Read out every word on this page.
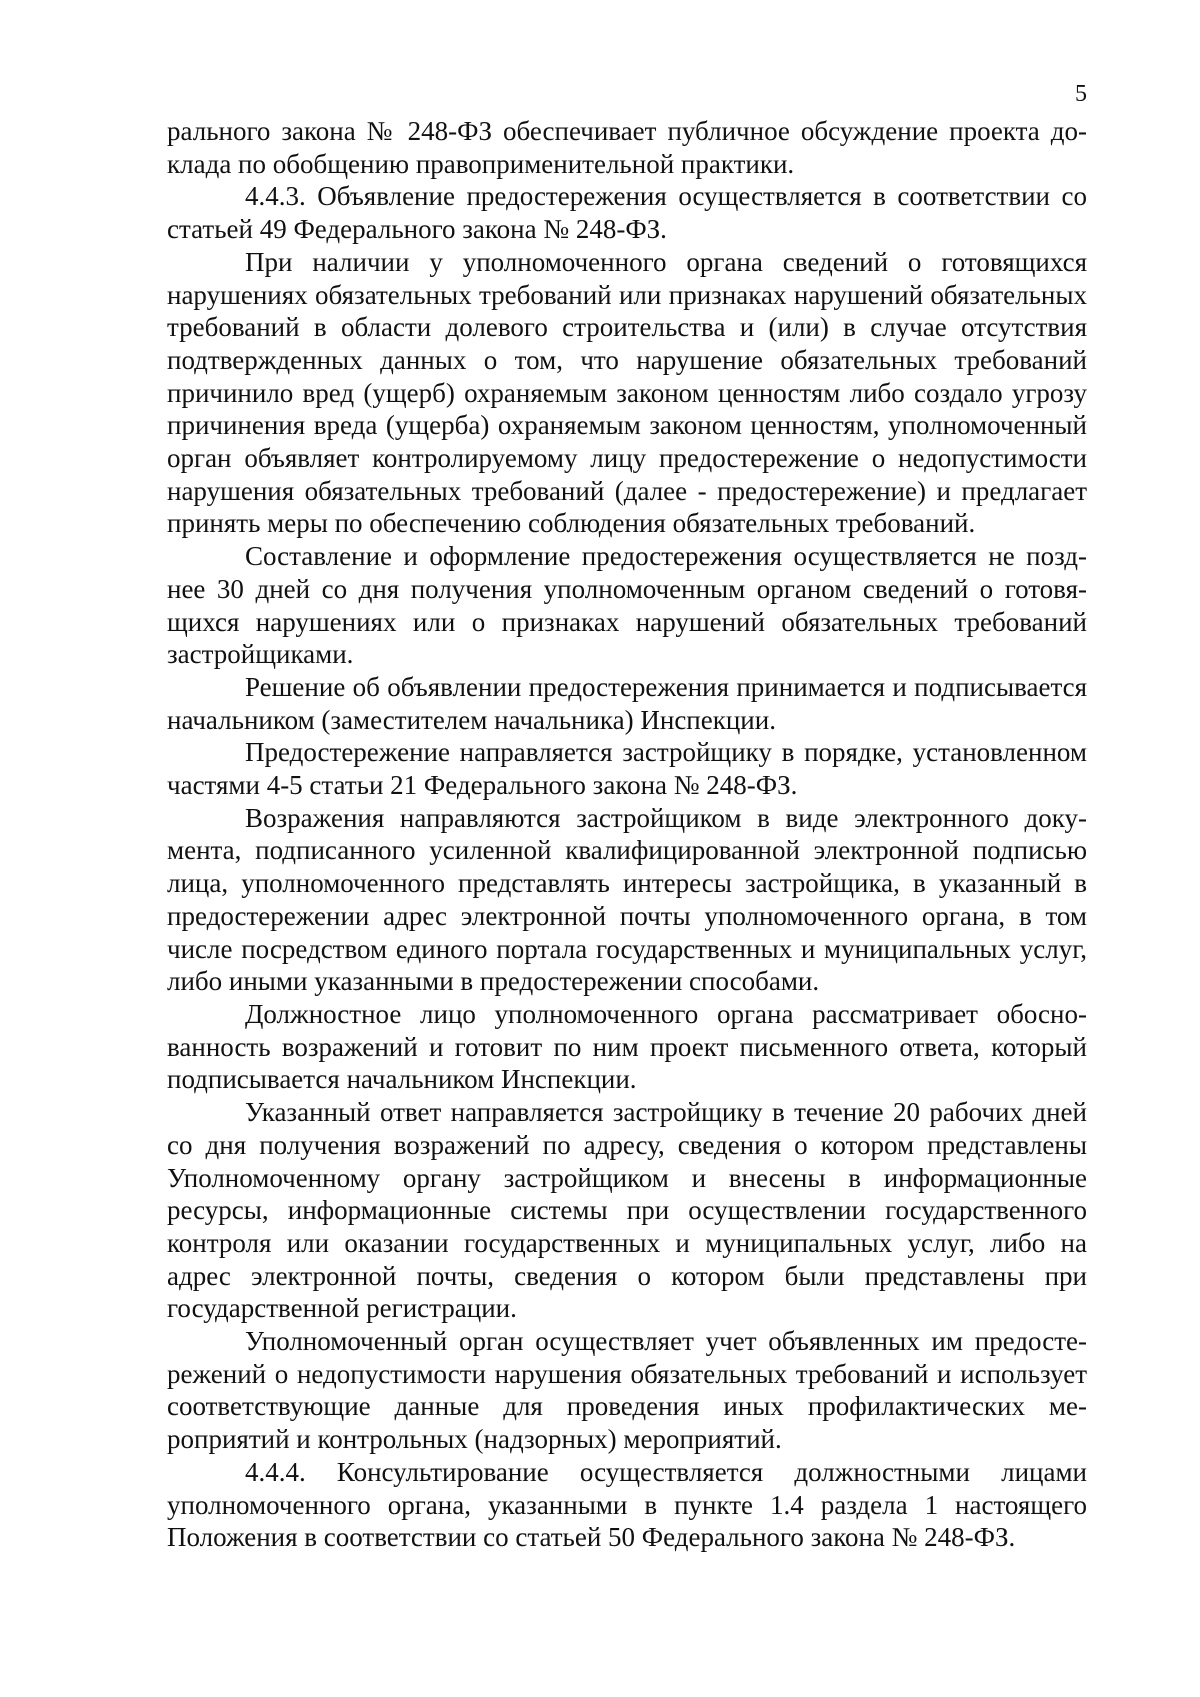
5

рального закона № 248-ФЗ обеспечивает публичное обсуждение проекта доклада по обобщению правоприменительной практики.

4.4.3. Объявление предостережения осуществляется в соответствии со статьей 49 Федерального закона № 248-ФЗ.

При наличии у уполномоченного органа сведений о готовящихся нарушениях обязательных требований или признаках нарушений обязательных требований в области долевого строительства и (или) в случае отсутствия подтвержденных данных о том, что нарушение обязательных требований причинило вред (ущерб) охраняемым законом ценностям либо создало угрозу причинения вреда (ущерба) охраняемым законом ценностям, уполномоченный орган объявляет контролируемому лицу предостережение о недопустимости нарушения обязательных требований (далее - предостережение) и предлагает принять меры по обеспечению соблюдения обязательных требований.

Составление и оформление предостережения осуществляется не позднее 30 дней со дня получения уполномоченным органом сведений о готовящихся нарушениях или о признаках нарушений обязательных требований застройщиками.

Решение об объявлении предостережения принимается и подписывается начальником (заместителем начальника) Инспекции.

Предостережение направляется застройщику в порядке, установленном частями 4-5 статьи 21 Федерального закона № 248-ФЗ.

Возражения направляются застройщиком в виде электронного документа, подписанного усиленной квалифицированной электронной подписью лица, уполномоченного представлять интересы застройщика, в указанный в предостережении адрес электронной почты уполномоченного органа, в том числе посредством единого портала государственных и муниципальных услуг, либо иными указанными в предостережении способами.

Должностное лицо уполномоченного органа рассматривает обоснованность возражений и готовит по ним проект письменного ответа, который подписывается начальником Инспекции.

Указанный ответ направляется застройщику в течение 20 рабочих дней со дня получения возражений по адресу, сведения о котором представлены Уполномоченному органу застройщиком и внесены в информационные ресурсы, информационные системы при осуществлении государственного контроля или оказании государственных и муниципальных услуг, либо на адрес электронной почты, сведения о котором были представлены при государственной регистрации.

Уполномоченный орган осуществляет учет объявленных им предостережений о недопустимости нарушения обязательных требований и использует соответствующие данные для проведения иных профилактических мероприятий и контрольных (надзорных) мероприятий.

4.4.4. Консультирование осуществляется должностными лицами уполномоченного органа, указанными в пункте 1.4 раздела 1 настоящего Положения в соответствии со статьей 50 Федерального закона № 248-ФЗ.
